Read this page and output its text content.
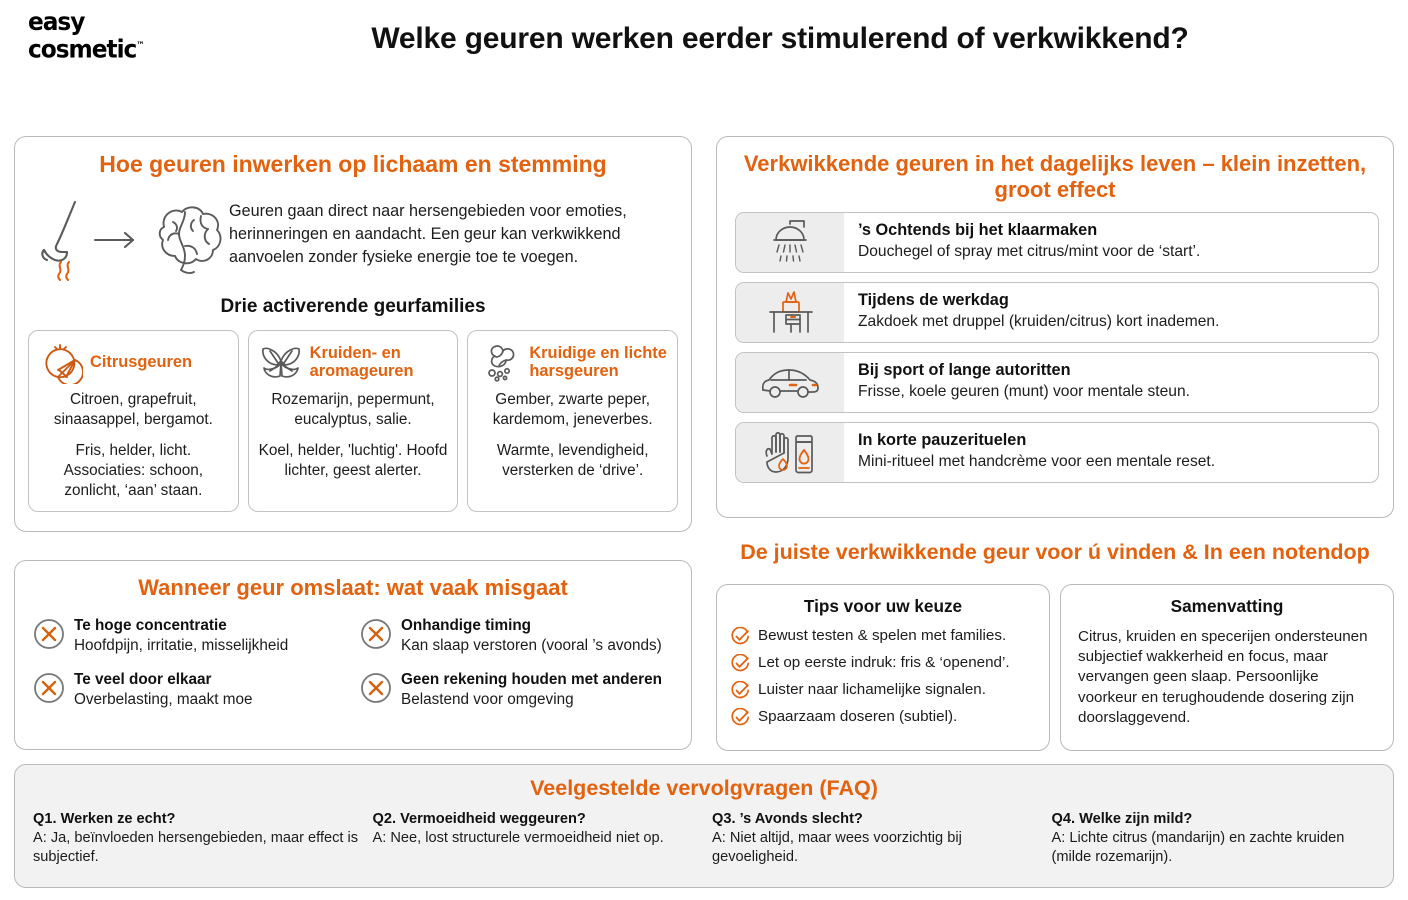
easy
cosmetic™	Welke geuren werken eerder stimulerend of verkwikkend?
Hoe geuren inwerken op lichaam en stemming
Geuren gaan direct naar hersengebieden voor emoties, herinneringen en aandacht. Een geur kan verkwikkend aanvoelen zonder fysieke energie toe te voegen.
Drie activerende geurfamilies
Citrusgeuren

Citroen, grapefruit, sinaasappel, bergamot.

Fris, helder, licht. Associaties: schoon, zonlicht, ‘aan’ staan.

Kruiden- en aromageuren

Rozemarijn, pepermunt, eucalyptus, salie.

Koel, helder, 'luchtig'. Hoofd lichter, geest alerter.

Kruidige en lichte harsgeuren

Gember, zwarte peper, kardemom, jeneverbes.

Warmte, levendigheid, versterken de ‘drive’.

Wanneer geur omslaat: wat vaak misgaat
Te hoge concentratie
Hoofdpijn, irritatie, misselijkheid
Onhandige timing
Kan slaap verstoren (vooral ’s avonds)
Te veel door elkaar
Overbelasting, maakt moe
Geen rekening houden met anderen
Belastend voor omgeving
Verkwikkende geuren in het dagelijks leven – klein inzetten, groot effect
’s Ochtends bij het klaarmaken
Douchegel of spray met citrus/mint voor de ‘start’.
Tijdens de werkdag
Zakdoek met druppel (kruiden/citrus) kort inademen.
Bij sport of lange autoritten
Frisse, koele geuren (munt) voor mentale steun.
In korte pauzerituelen
Mini-ritueel met handcrème voor een mentale reset.
De juiste verkwikkende geur voor ú vinden & In een notendop
Tips voor uw keuze
Bewust testen & spelen met families.
Let op eerste indruk: fris & ‘openend’.
Luister naar lichamelijke signalen.
Spaarzaam doseren (subtiel).
Samenvatting
Citrus, kruiden en specerijen ondersteunen subjectief wakkerheid en focus, maar vervangen geen slaap. Persoonlijke voorkeur en terughoudende dosering zijn doorslaggevend.
Veelgestelde vervolgvragen (FAQ)
Q1. Werken ze echt?
A: Ja, beïnvloeden hersengebieden, maar effect is subjectief.
Q2. Vermoeidheid weggeuren?
A: Nee, lost structurele vermoeidheid niet op.
Q3. ’s Avonds slecht?
A: Niet altijd, maar wees voorzichtig bij gevoeligheid.
Q4. Welke zijn mild?
A: Lichte citrus (mandarijn) en zachte kruiden (milde rozemarijn).
